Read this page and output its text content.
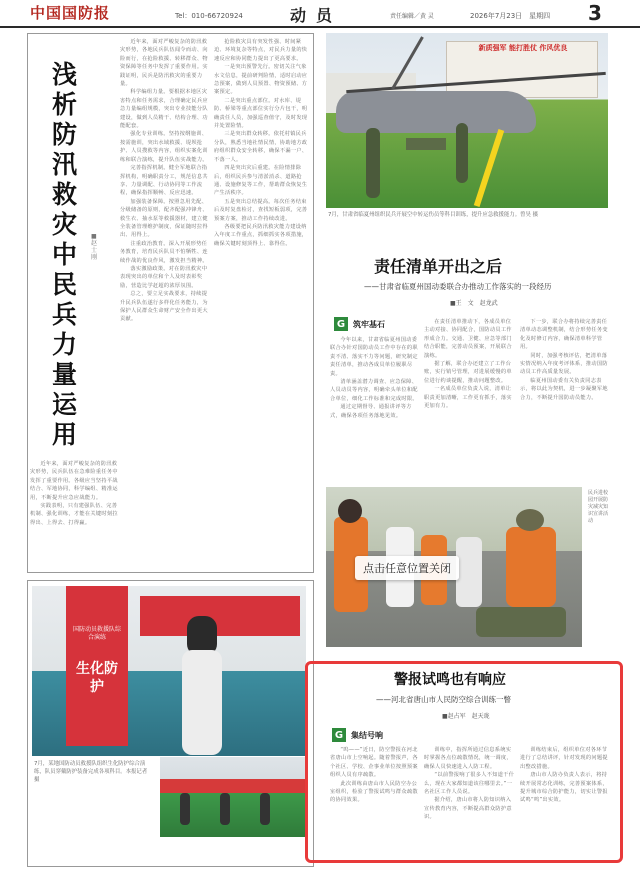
中国国防报	Tel：010-66720924	动员	责任编辑／黄 灵	2026年7月23日　星期四 3
浅析防汛救灾中民兵力量运用
■赵士刚

近年来，面对严峻复杂的防汛救灾形势，民兵队伍在急难险重任务中发挥了重要作用。各级应当坚持平战结合、军地协同，科学编组、精准运用，不断提升应急应战能力。

实践表明，只有建强队伍、完善机制、强化训练，才能在关键时刻拉得出、上得去、打得赢。

近年来，面对严峻复杂的防汛救灾形势，各地民兵队伍闻令而动、向险而行，在抢险救援、转移群众、物资保障等任务中发挥了重要作用。实践证明，民兵是防汛救灾的重要力量。

科学编组力量。要根据本地区灾害特点和任务需求，合理确定民兵应急力量编组规模，突出专业技能分队建设，做到人员精干、结构合理、功能配套。

强化专业训练。坚持按纲施训、按需施训，突出水域救援、堤坝抢护、人员搜救等内容，组织实案化训练和联合演练，提升队伍实战能力。

完善指挥机制。健全军地联合指挥机构，明确职责分工，规范信息共享、力量调配、行动协同等工作流程，确保指挥顺畅、反应迅速。

加强装备保障。按照急用先配、分级储备的原则，配齐配强冲锋舟、救生衣、抽水泵等救援器材，建立健全装备管理维护制度，保证随时拉得出、用得上。

注重政治教育。深入开展形势任务教育，培育民兵队员不怕牺牲、连续作战的优良作风，激发担当精神。

落实激励政策。对在防汛救灾中表现突出的单位和个人及时表彰奖励，营造比学赶超的浓厚氛围。

总之，要立足实战要求，持续提升民兵队伍遂行多样化任务能力，为保护人民群众生命财产安全作出更大贡献。

抢险救灾具有突发性强、时间紧迫、环境复杂等特点，对民兵力量的快速反应和协同能力提出了更高要求。

一是突出预警先行。密切关注气象水文信息，提前研判险情，适时启动应急预案，做到人员预置、物资预储、方案预定。

二是突出重点部位。对水库、堤防、桥梁等重点部位实行分片包干，明确责任人员，加强巡查值守，及时发现并处置险情。

三是突出群众转移。依托村镇民兵分队，熟悉当地社情民情，协助地方政府组织群众安全转移，确保不漏一户、不落一人。

四是突出灾后重建。在险情排除后，组织民兵参与清淤消杀、道路抢通、设施修复等工作，帮助群众恢复生产生活秩序。

五是突出总结提高。每次任务结束后及时复盘检讨，查找短板弱项，完善预案方案，推动工作持续改进。

各级要把民兵防汛救灾能力建设纳入年度工作重点，抓细抓实各项措施，确保关键时刻顶得上、靠得住。

新质强军 能打胜仗 作风优良
7月，甘肃省临夏州组织民兵开展空中转运伤员等科目训练，提升应急救援能力。曾昊 摄
责任清单开出之后
——甘肃省临夏州国动委联合办推动工作落实的一段经历
■王　文　赵龙武
G 筑牢基石

今年以来，甘肃省临夏州国动委联合办针对国防动员工作中存在的职责不清、落实不力等问题，研究制定责任清单，推动各成员单位履职尽责。

清单涵盖潜力调查、应急保障、人员动员等内容，明确牵头单位和配合单位，细化工作标准和完成时限。

通过定期督导、通报讲评等方式，确保各项任务落地见效。

在责任清单推动下，各成员单位主动对接、协同配合，国防动员工作形成合力。交通、卫健、应急等部门结合职能，完善动员预案，开展联合演练。

据了解，联合办还建立了工作台账，实行销号管理，对进展缓慢的单位进行约谈提醒，推动问题整改。

一名成员单位负责人说，清单让职责更加清晰，工作更有抓手，落实更加有力。

下一步，联合办将持续完善责任清单动态调整机制，结合形势任务变化及时修订内容，确保清单科学管用。

同时，加强考核评估，把清单落实情况纳入年度考评体系，推动国防动员工作高质量发展。

临夏州国动委有关负责同志表示，将以此为契机，进一步凝聚军地合力，不断提升国防动员能力。

民兵进校园开展防灾减灾知识宣讲活动
生化防护
国防动员救援队综合演练
7月，某地国防动员救援队组织生化防护综合演练，队员穿戴防护装备完成各项科目。本报记者 摄
警报试鸣也有响应
——河北省唐山市人民防空综合训练一瞥
■赵占军　赵天珑
G 集结号响

“呜——”近日，防空警报在河北省唐山市上空响起。随着警报声，各个社区、学校、企事业单位按照预案组织人员有序疏散。

此次训练由唐山市人民防空办公室组织，检验了警报试鸣与群众疏散的协同效果。

训练中，指挥所通过信息系统实时掌握各点位疏散情况，统一调度，确保人员快速进入人防工程。

“以前警报响了很多人不知道干什么，现在大家都知道该往哪里去。”一名社区工作人员说。

据介绍，唐山市将人防知识纳入宣传教育内容，不断提高群众防护意识。

训练结束后，组织单位对各环节进行了总结讲评，针对发现的问题提出整改措施。

唐山市人防办负责人表示，将持续开展常态化训练，完善预案体系，提升城市综合防护能力，切实让警报试鸣“鸣”出实效。

点击任意位置关闭
